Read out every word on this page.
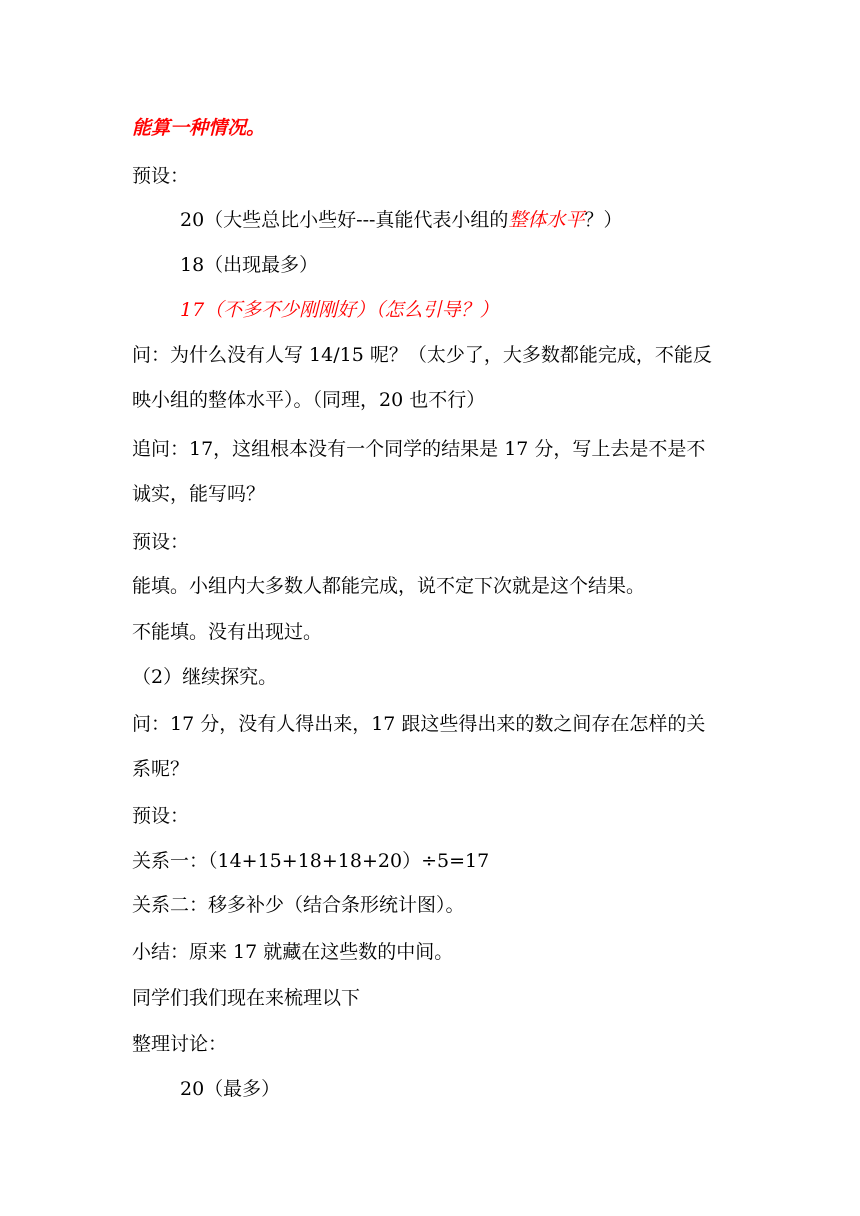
能算一种情况。
预设：
20（大些总比小些好---真能代表小组的整体水平？）
18（出现最多）
17（不多不少刚刚好）（怎么引导？）
问：为什么没有人写 14/15 呢？（太少了，大多数都能完成，不能反
映小组的整体水平）。（同理，20 也不行）
追问：17，这组根本没有一个同学的结果是 17 分，写上去是不是不
诚实，能写吗？
预设：
能填。小组内大多数人都能完成，说不定下次就是这个结果。
不能填。没有出现过。
（2）继续探究。
问：17 分，没有人得出来，17 跟这些得出来的数之间存在怎样的关
系呢？
预设：
关系一：（14+15+18+18+20）÷5=17
关系二：移多补少（结合条形统计图）。
小结：原来 17 就藏在这些数的中间。
同学们我们现在来梳理以下
整理讨论：
20（最多）
